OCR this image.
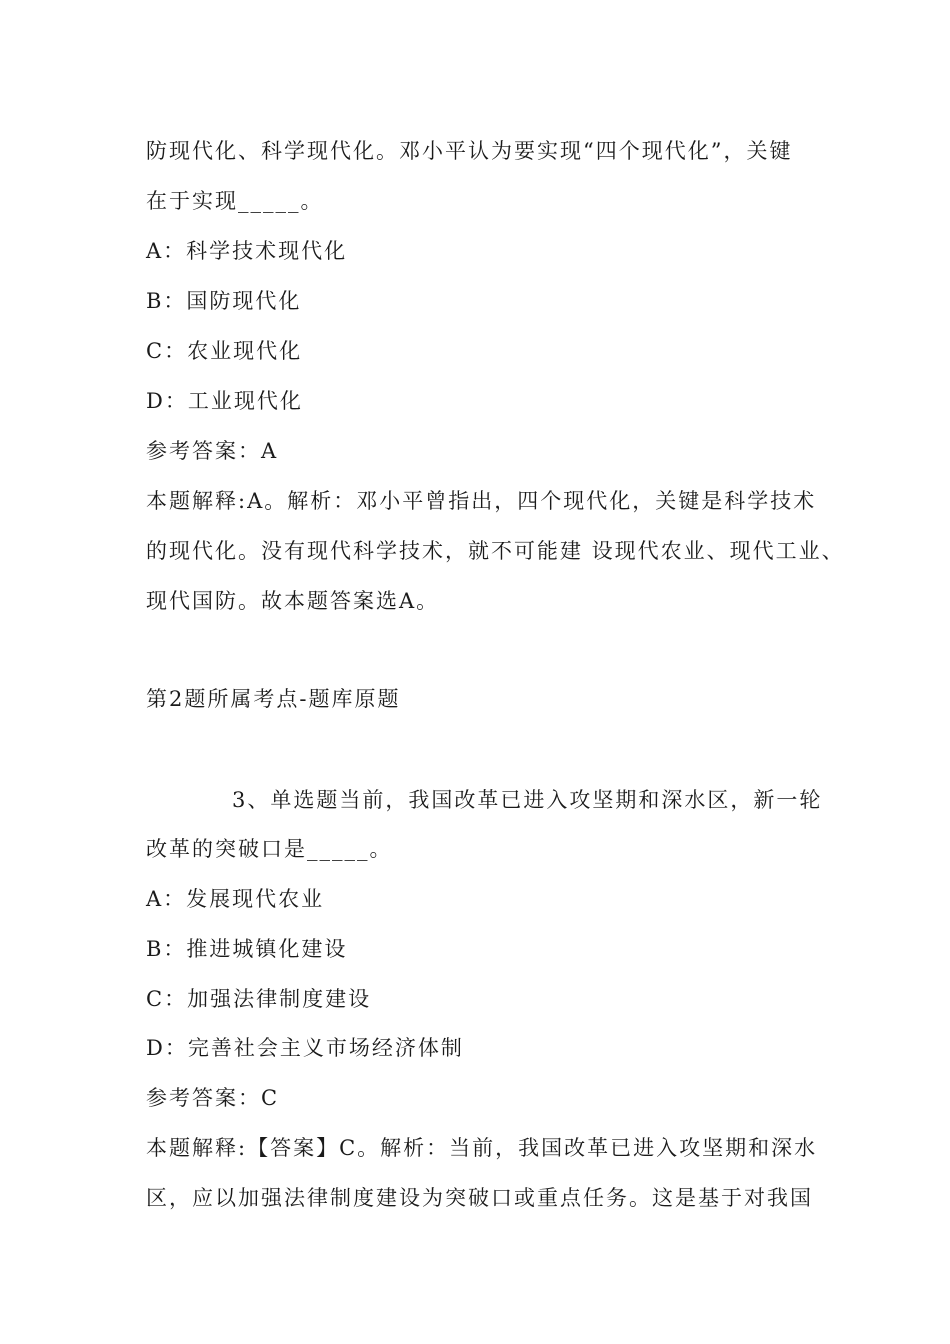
防现代化、科学现代化。邓小平认为要实现“四个现代化”，关键
在于实现_____。
A：科学技术现代化
B：国防现代化
C：农业现代化
D：工业现代化
参考答案：A
本题解释:A。解析：邓小平曾指出，四个现代化，关键是科学技术
的现代化。没有现代科学技术，就不可能建 设现代农业、现代工业、
现代国防。故本题答案选A。
第2题所属考点-题库原题
3、单选题当前，我国改革已进入攻坚期和深水区，新一轮
改革的突破口是_____。
A：发展现代农业
B：推进城镇化建设
C：加强法律制度建设
D：完善社会主义市场经济体制
参考答案：C
本题解释:【答案】C。解析：当前，我国改革已进入攻坚期和深水
区，应以加强法律制度建设为突破口或重点任务。这是基于对我国
